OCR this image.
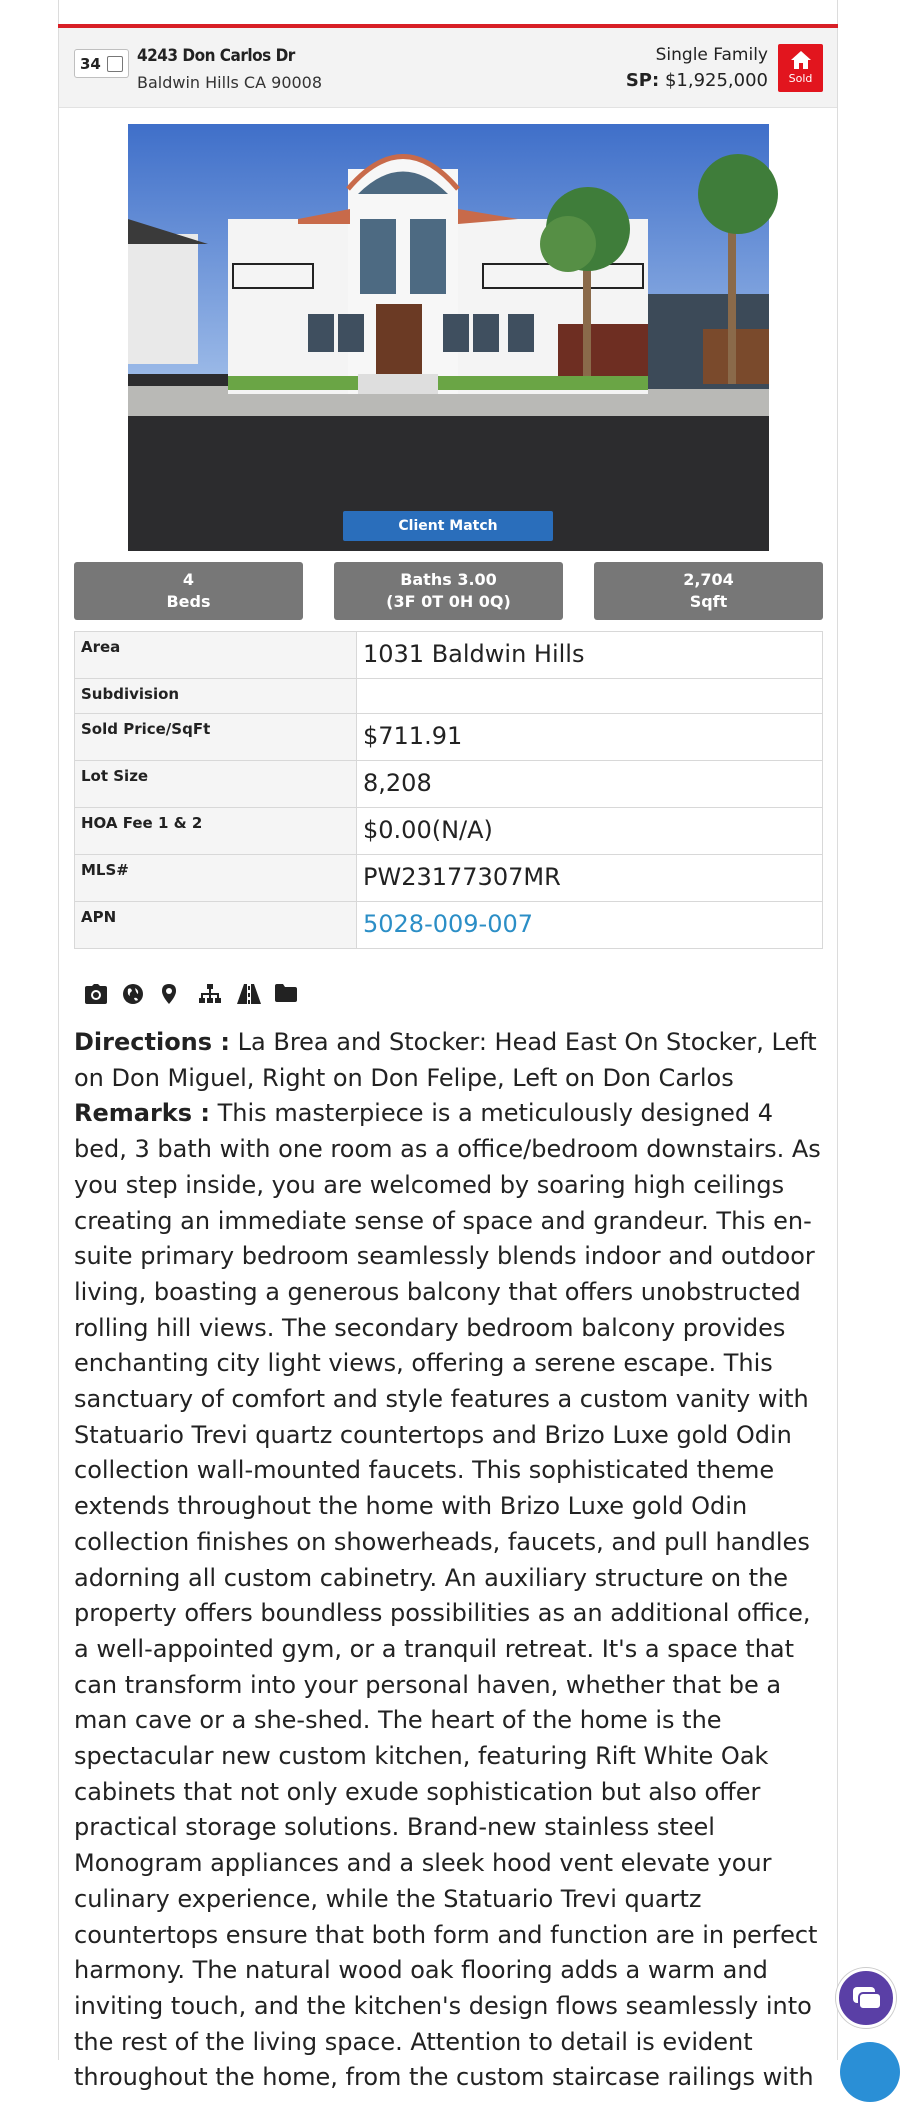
34 4243 Don Carlos Dr
Baldwin Hills CA 90008
Single Family
SP: $1,925,000	Sold
Client Match
4
Beds
Baths 3.00
(3F 0T 0H 0Q)
2,704
Sqft
Area	1031 Baldwin Hills
Subdivision	
Sold Price/SqFt	$711.91
Lot Size	8,208
HOA Fee 1 & 2	$0.00(N/A)
MLS#	PW23177307MR
APN	5028-009-007

Directions : La Brea and Stocker: Head East On Stocker, Left on Don Miguel, Right on Don Felipe, Left on Don Carlos

Remarks : This masterpiece is a meticulously designed 4 bed, 3 bath with one room as a office/bedroom downstairs. As you step inside, you are welcomed by soaring high ceilings creating an immediate sense of space and grandeur. This en-suite primary bedroom seamlessly blends indoor and outdoor living, boasting a generous balcony that offers unobstructed rolling hill views. The secondary bedroom balcony provides enchanting city light views, offering a serene escape. This sanctuary of comfort and style features a custom vanity with Statuario Trevi quartz countertops and Brizo Luxe gold Odin collection wall-mounted faucets. This sophisticated theme extends throughout the home with Brizo Luxe gold Odin collection finishes on showerheads, faucets, and pull handles adorning all custom cabinetry. An auxiliary structure on the property offers boundless possibilities as an additional office, a well-appointed gym, or a tranquil retreat. It's a space that can transform into your personal haven, whether that be a man cave or a she-shed. The heart of the home is the spectacular new custom kitchen, featuring Rift White Oak cabinets that not only exude sophistication but also offer practical storage solutions. Brand-new stainless steel Monogram appliances and a sleek hood vent elevate your culinary experience, while the Statuario Trevi quartz countertops ensure that both form and function are in perfect harmony. The natural wood oak flooring adds a warm and inviting touch, and the kitchen's design flows seamlessly into the rest of the living space. Attention to detail is evident throughout the home, from the custom staircase railings with
